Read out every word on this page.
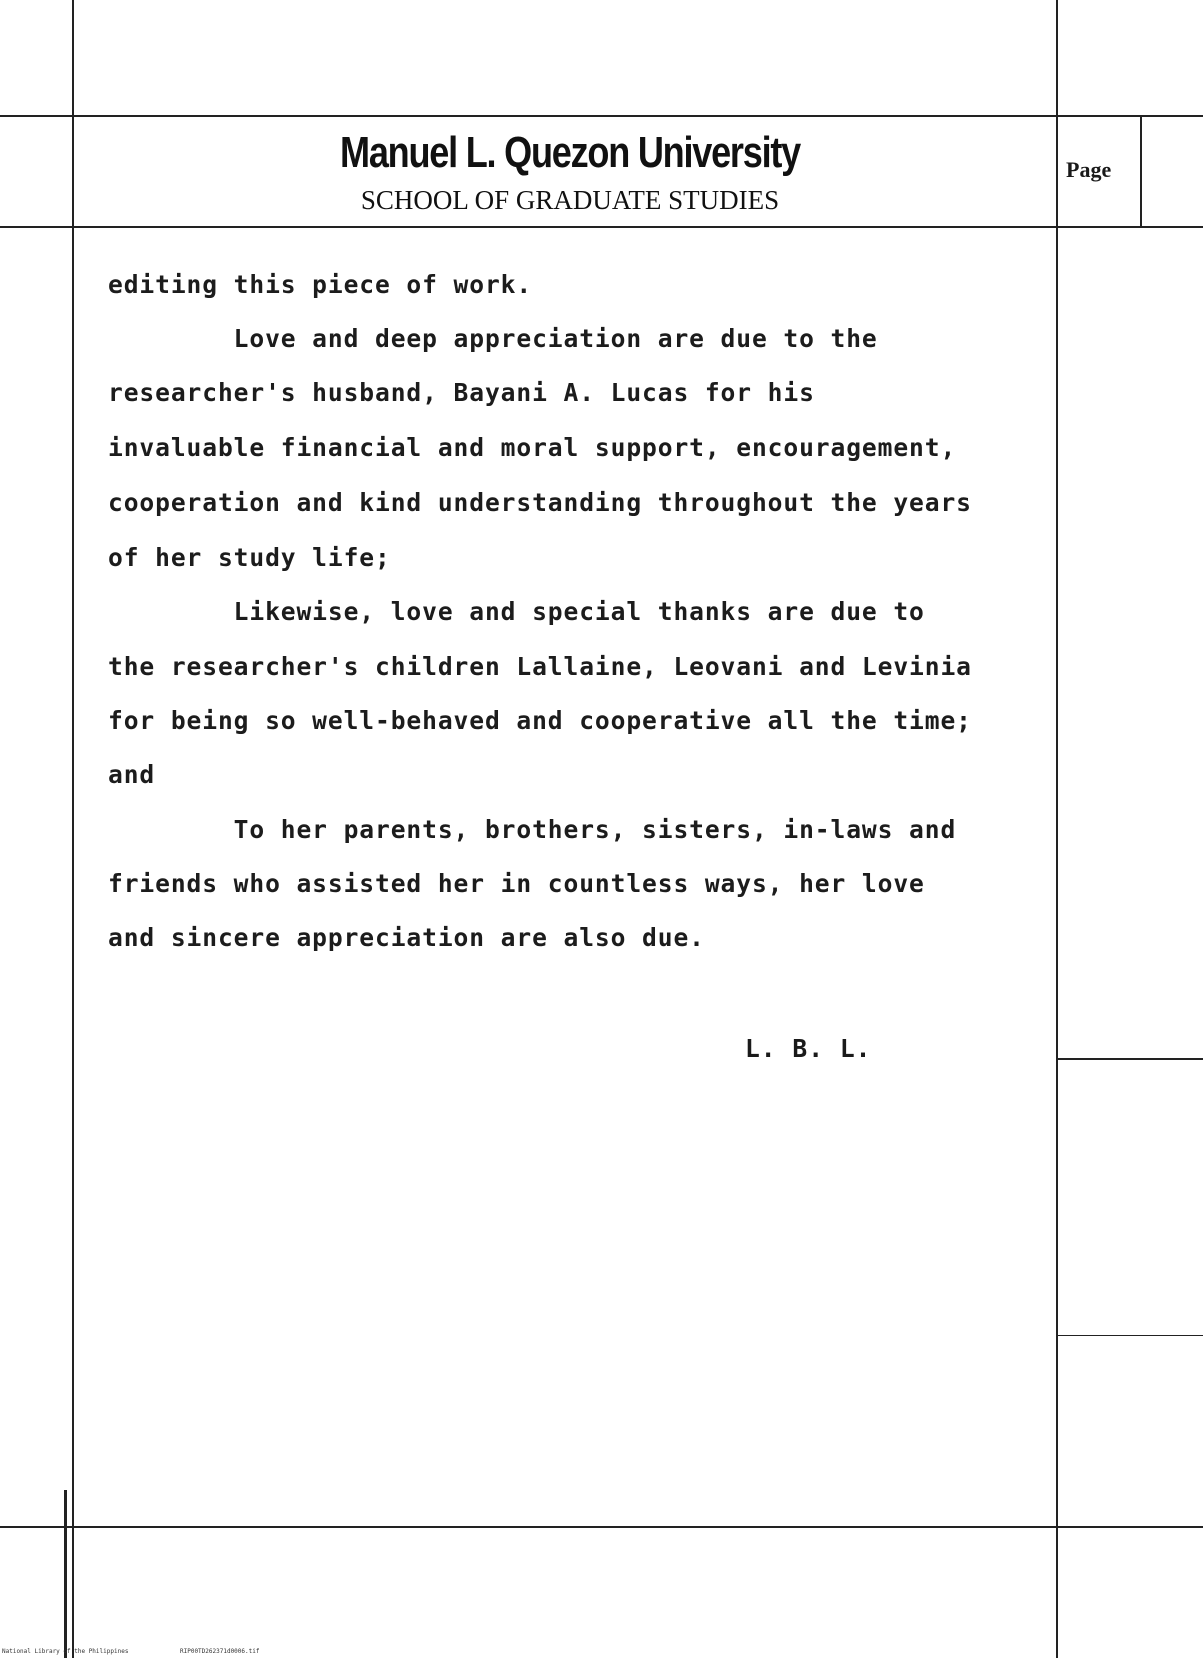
Manuel L. Quezon University
SCHOOL OF GRADUATE STUDIES
Page
editing this piece of work.
Love and deep appreciation are due to the
researcher's husband, Bayani A. Lucas for his
invaluable financial and moral support, encouragement,
cooperation and kind understanding throughout the years
of her study life;
Likewise, love and special thanks are due to
the researcher's children Lallaine, Leovani and Levinia
for being so well-behaved and cooperative all the time;
and
To her parents, brothers, sisters, in-laws and
friends who assisted her in countless ways, her love
and sincere appreciation are also due.
L. B. L.
National Library of the Philippines	RIP00TD262371d0006.tif
